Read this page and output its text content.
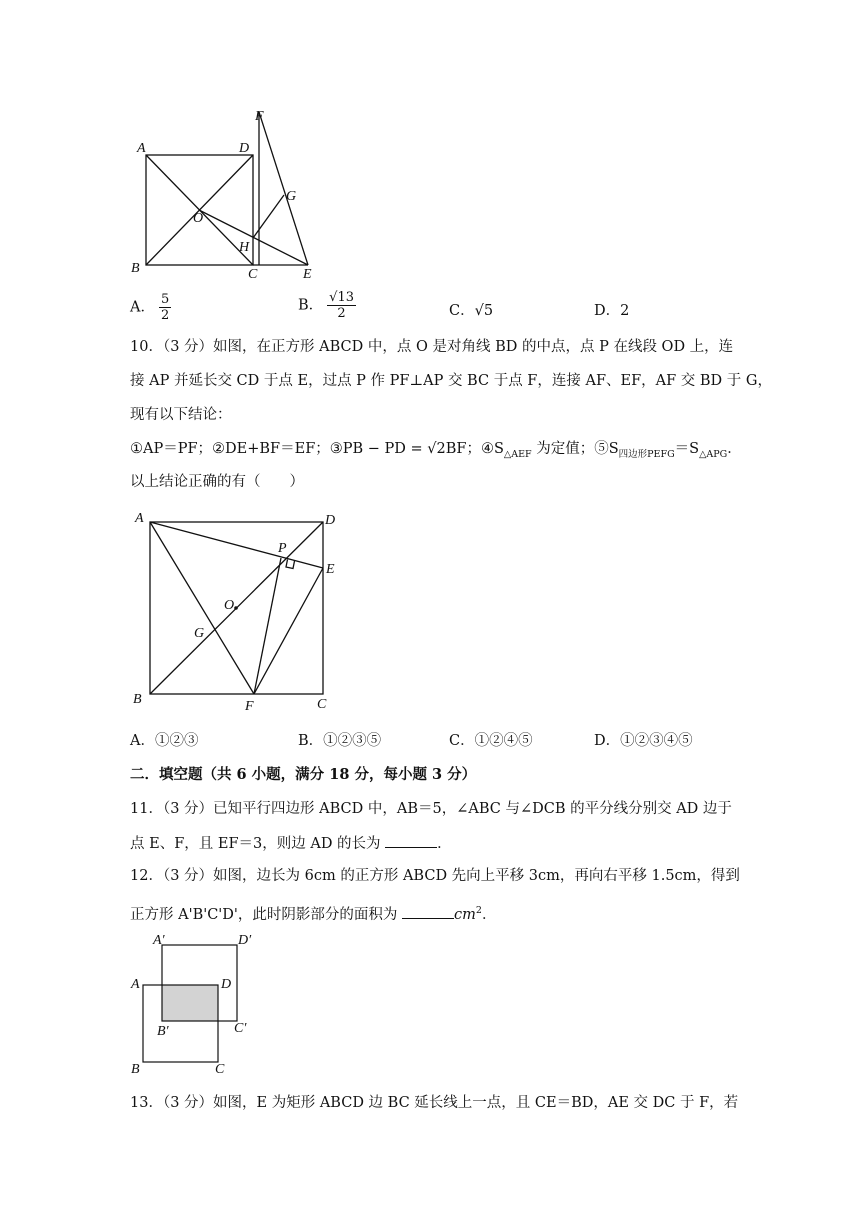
F
A	D
G
O
H
B	C	E
A． $\frac{5}{2}$	B． $\frac{√13}{2}$	C．√5	D．2
10．（3 分）如图，在正方形 ABCD 中，点 O 是对角线 BD 的中点，点 P 在线段 OD 上，连
接 AP 并延长交 CD 于点 E，过点 P 作 PF⊥AP 交 BC 于点 F，连接 AF、EF，AF 交 BD 于 G，
现有以下结论：
①AP＝PF；②DE+BF＝EF；③PB − PD = √2BF；$④S_{\triangle AEF}$ 为定值；$⑤S_{四边形PEFG}=S_{\triangle APG}$．
以上结论正确的有（　　）
A	D
P
E
O
G
B	F	C
A．①②③	B．①②③⑤	C．①②④⑤	D．①②③④⑤
二．填空题（共 6 小题，满分 18 分，每小题 3 分）
11．（3 分）已知平行四边形 ABCD 中，AB＝5，∠ABC 与∠DCB 的平分线分别交 AD 边于
点 E、F，且 EF＝3，则边 AD 的长为	．
12．（3 分）如图，边长为 6cm 的正方形 ABCD 先向上平移 3cm，再向右平移 1.5cm，得到
正方形 A'B'C'D'，此时阴影部分的面积为	$cm^2$．
A′	D′
A	D
B′	C′
B	C
13．（3 分）如图，E 为矩形 ABCD 边 BC 延长线上一点，且 CE＝BD，AE 交 DC 于 F，若
